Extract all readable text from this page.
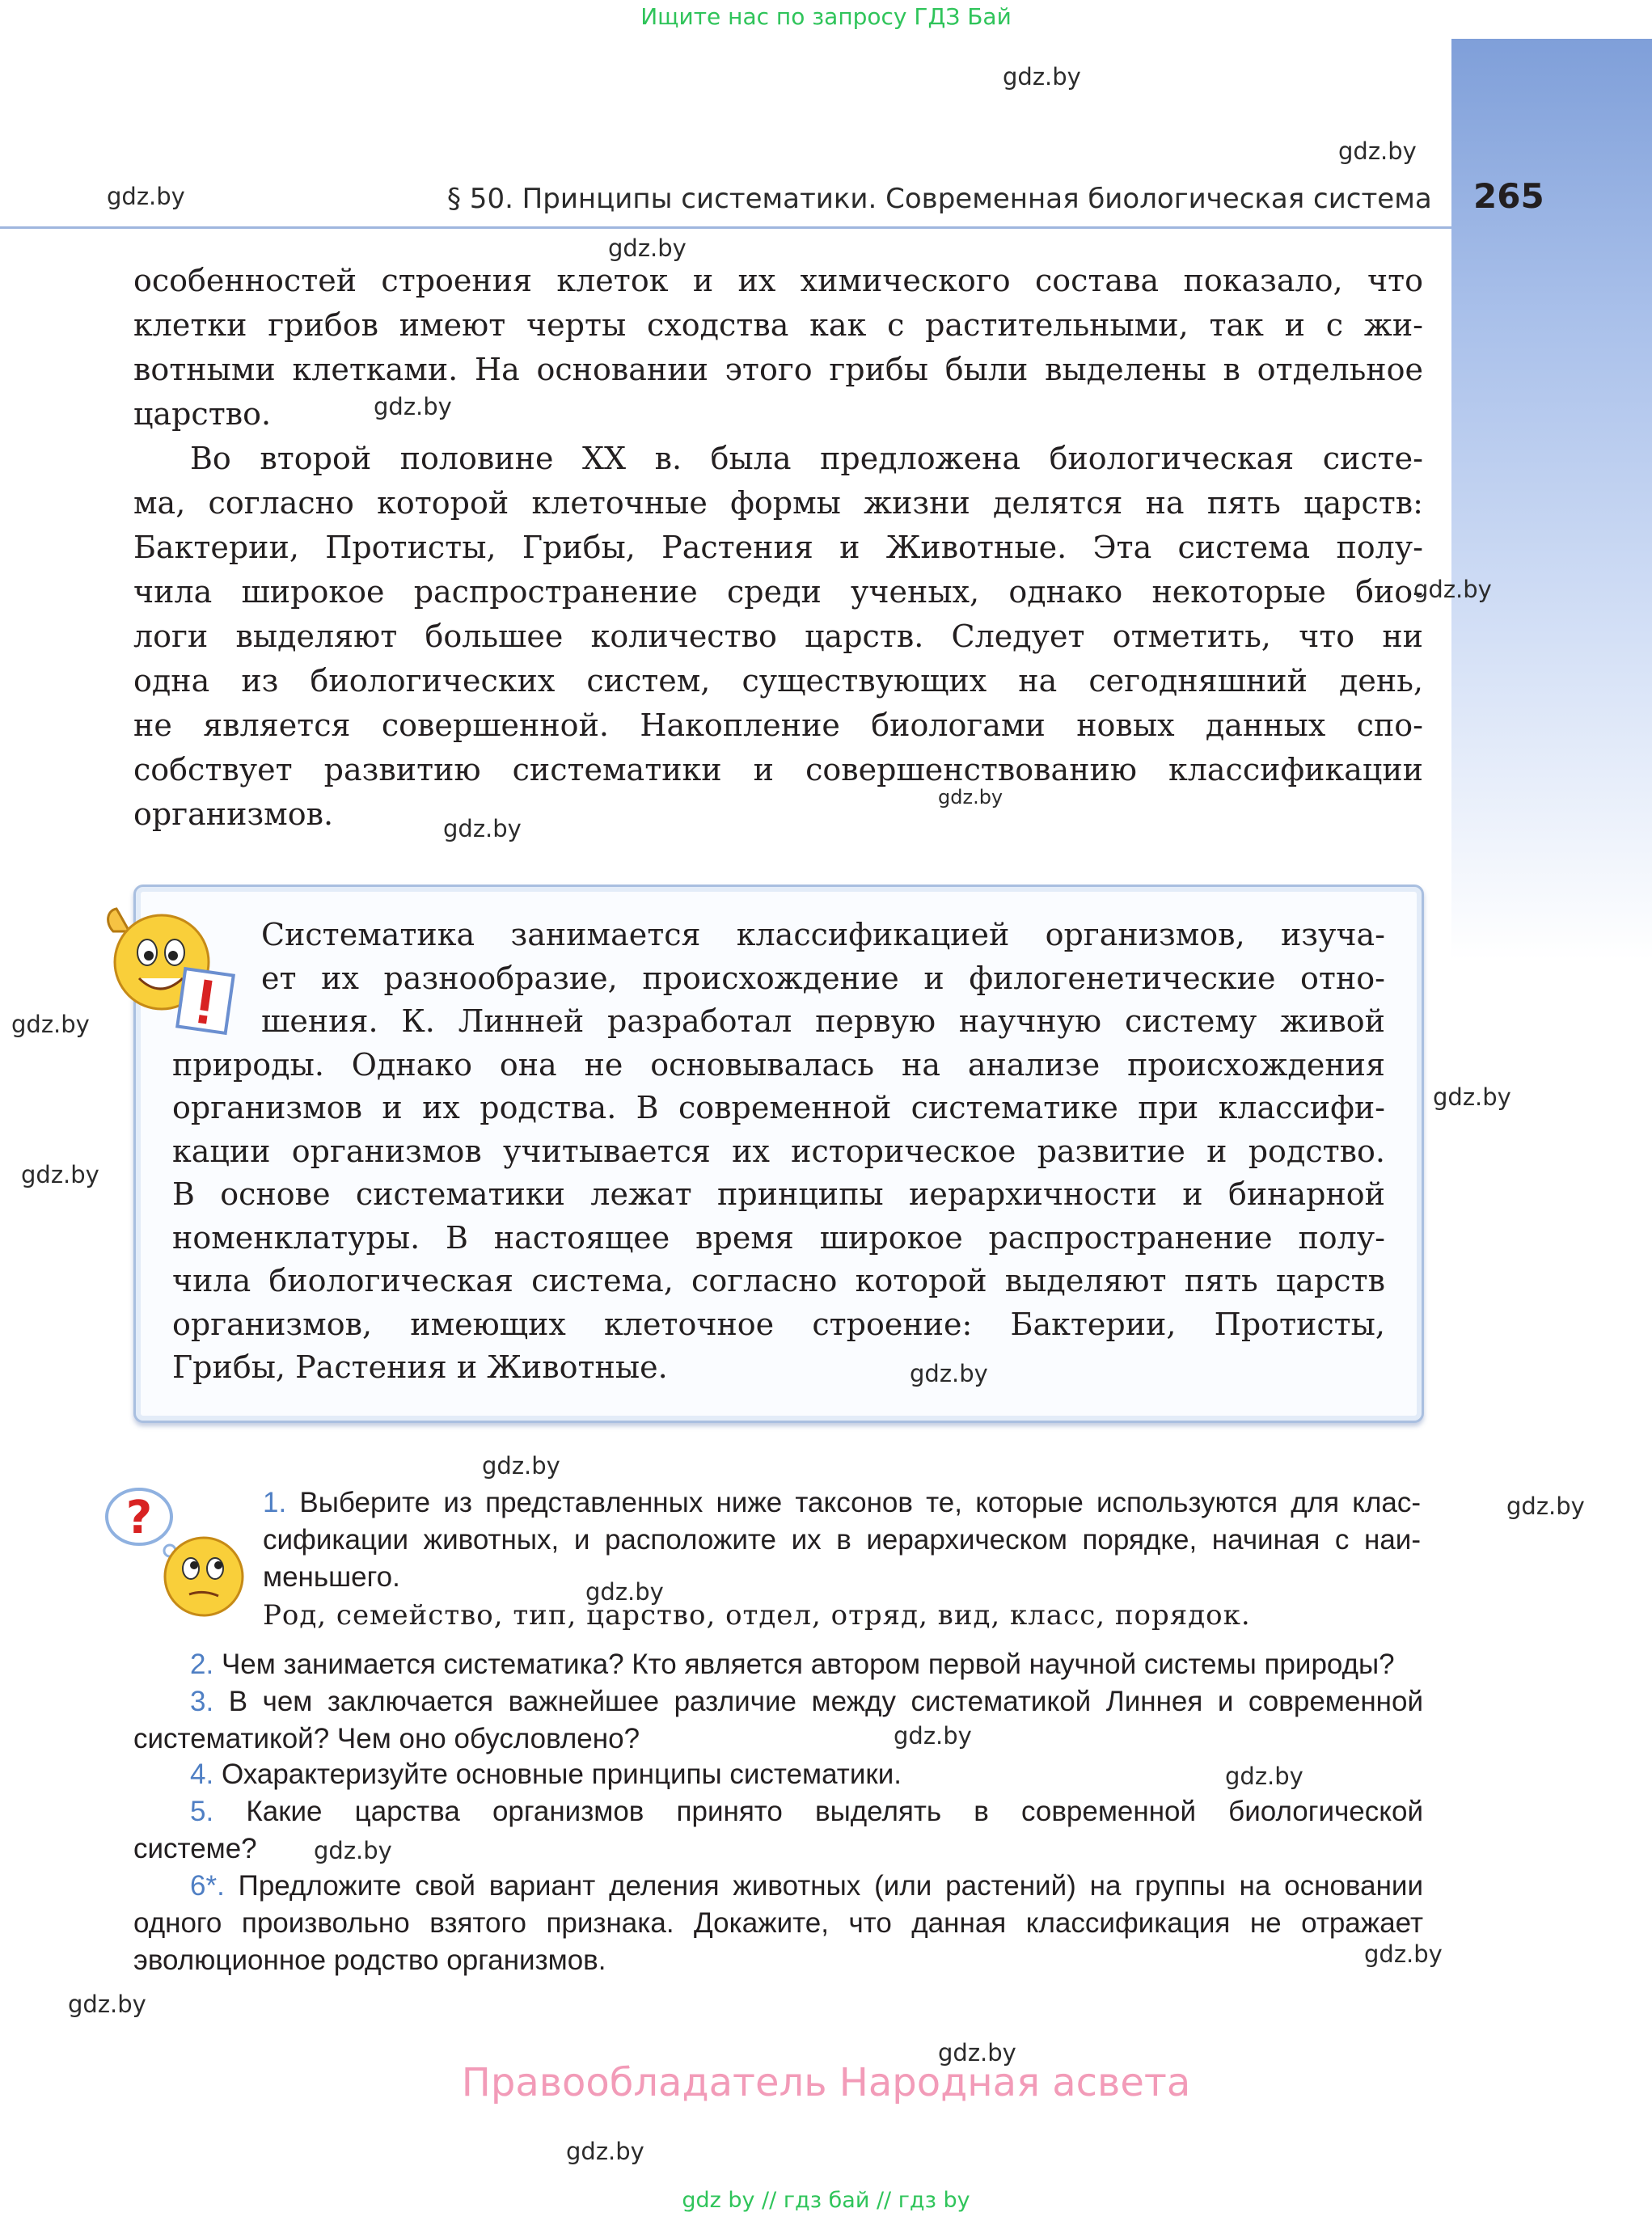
Ищите нас по запросу ГДЗ Бай
265
§ 50. Принципы систематики. Современная биологическая система
особенностей строения клеток и их химического состава показало, что
клетки грибов имеют черты сходства как с растительными, так и с жи-
вотными клетками. На основании этого грибы были выделены в отдельное
царство.
Во второй половине XX в. была предложена биологическая систе-
ма, согласно которой клеточные формы жизни делятся на пять царств:
Бактерии, Протисты, Грибы, Растения и Животные. Эта система полу-
чила широкое распространение среди ученых, однако некоторые био-
логи выделяют большее количество царств. Следует отметить, что ни
одна из биологических систем, существующих на сегодняшний день,
не является совершенной. Накопление биологами новых данных спо-
собствует развитию систематики и совершенствованию классификации
организмов.
Систематика занимается классификацией организмов, изуча-
ет их разнообразие, происхождение и филогенетические отно-
шения. К. Линней разработал первую научную систему живой
природы. Однако она не основывалась на анализе происхождения
организмов и их родства. В современной систематике при классифи-
кации организмов учитывается их историческое развитие и родство.
В основе систематики лежат принципы иерархичности и бинарной
номенклатуры. В настоящее время широкое распространение полу-
чила биологическая система, согласно которой выделяют пять царств
организмов, имеющих клеточное строение: Бактерии, Протисты,
Грибы, Растения и Животные.
?	1. Выберите из представленных ниже таксонов те, которые используются для клас-
сификации животных, и расположите их в иерархическом порядке, начиная с наи-
меньшего.
Род, семейство, тип, царство, отдел, отряд, вид, класс, порядок.
2. Чем занимается систематика? Кто является автором первой научной системы природы?
3. В чем заключается важнейшее различие между систематикой Линнея и современной
систематикой? Чем оно обусловлено?
4. Охарактеризуйте основные принципы систематики.
5. Какие царства организмов принято выделять в современной биологической
системе?
6*. Предложите свой вариант деления животных (или растений) на группы на основании
одного произвольно взятого признака. Докажите, что данная классификация не отражает
эволюционное родство организмов.
Правообладатель Народная асвета
gdz by // гдз бай // гдз by
gdz.by
gdz.by
gdz.by
gdz.by
gdz.by
gdz.by
gdz.by
gdz.by
gdz.by
gdz.by
gdz.by
gdz.by
gdz.by
gdz.by
gdz.by
gdz.by
gdz.by
gdz.by
gdz.by
gdz.by
gdz.by
gdz.by
